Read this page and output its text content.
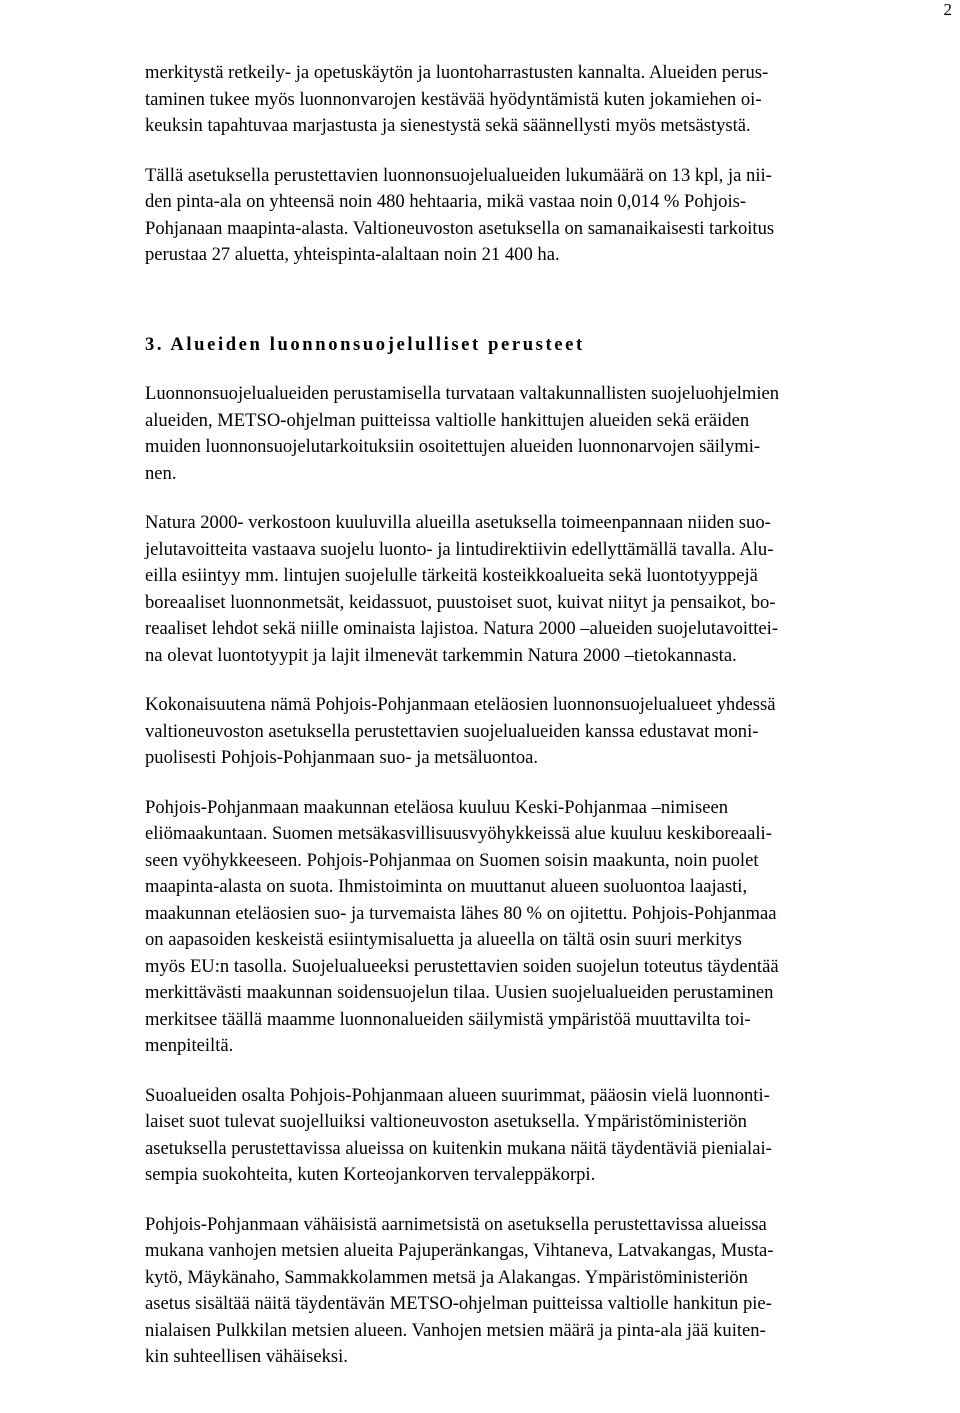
2

merkitystä retkeily- ja opetuskäytön ja luontoharrastusten kannalta. Alueiden perus-
taminen tukee myös luonnonvarojen kestävää hyödyntämistä kuten jokamiehen oi-
keuksin tapahtuvaa marjastusta ja sienestystä sekä säännellysti myös metsästystä.

Tällä asetuksella perustettavien luonnonsuojelualueiden lukumäärä on 13 kpl, ja nii-
den pinta-ala on yhteensä noin 480 hehtaaria, mikä vastaa noin 0,014 % Pohjois-
Pohjanaan maapinta-alasta. Valtioneuvoston asetuksella on samanaikaisesti tarkoitus
perustaa 27 aluetta, yhteispinta-alaltaan noin 21 400 ha.

3. Alueiden luonnonsuojelulliset perusteet

Luonnonsuojelualueiden perustamisella turvataan valtakunnallisten suojeluohjelmien
alueiden, METSO-ohjelman puitteissa valtiolle hankittujen alueiden sekä eräiden
muiden luonnonsuojelutarkoituksiin osoitettujen alueiden luonnonarvojen säilymi-
nen.

Natura 2000- verkostoon kuuluvilla alueilla asetuksella toimeenpannaan niiden suo-
jelutavoitteita vastaava suojelu luonto- ja lintudirektiivin edellyttämällä tavalla. Alu-
eilla esiintyy mm. lintujen suojelulle tärkeitä kosteikkoalueita sekä luontotyyppejä
boreaaliset luonnonmetsät, keidassuot, puustoiset suot, kuivat niityt ja pensaikot, bo-
reaaliset lehdot sekä niille ominaista lajistoa. Natura 2000 –alueiden suojelutavoittei-
na olevat luontotyypit ja lajit ilmenevät tarkemmin Natura 2000 –tietokannasta.

Kokonaisuutena nämä Pohjois-Pohjanmaan eteläosien luonnonsuojelualueet yhdessä
valtioneuvoston asetuksella perustettavien suojelualueiden kanssa edustavat moni-
puolisesti Pohjois-Pohjanmaan suo- ja metsäluontoa.

Pohjois-Pohjanmaan maakunnan eteläosa kuuluu Keski-Pohjanmaa –nimiseen
eliömaakuntaan. Suomen metsäkasvillisuusvyöhykkeissä alue kuuluu keskiboreaali-
seen vyöhykkeeseen. Pohjois-Pohjanmaa on Suomen soisin maakunta, noin puolet
maapinta-alasta on suota. Ihmistoiminta on muuttanut alueen suoluontoa laajasti,
maakunnan eteläosien suo- ja turvemaista lähes 80 % on ojitettu. Pohjois-Pohjanmaa
on aapasoiden keskeistä esiintymisaluetta ja alueella on tältä osin suuri merkitys
myös EU:n tasolla. Suojelualueeksi perustettavien soiden suojelun toteutus täydentää
merkittävästi maakunnan soidensuojelun tilaa. Uusien suojelualueiden perustaminen
merkitsee täällä maamme luonnonalueiden säilymistä ympäristöä muuttavilta toi-
menpiteiltä.

Suoalueiden osalta Pohjois-Pohjanmaan alueen suurimmat, pääosin vielä luonnonti-
laiset suot tulevat suojelluiksi valtioneuvoston asetuksella. Ympäristöministeriön
asetuksella perustettavissa alueissa on kuitenkin mukana näitä täydentäviä pienialai-
sempia suokohteita, kuten Korteojankorven tervaleppäkorpi.

Pohjois-Pohjanmaan vähäisistä aarnimetsistä on asetuksella perustettavissa alueissa
mukana vanhojen metsien alueita Pajuperänkangas, Vihtaneva, Latvakangas, Musta-
kytö, Mäykänaho, Sammakkolammen metsä ja Alakangas. Ympäristöministeriön
asetus sisältää näitä täydentävän METSO-ohjelman puitteissa valtiolle hankitun pie-
nialaisen Pulkkilan metsien alueen. Vanhojen metsien määrä ja pinta-ala jää kuiten-
kin suhteellisen vähäiseksi.
